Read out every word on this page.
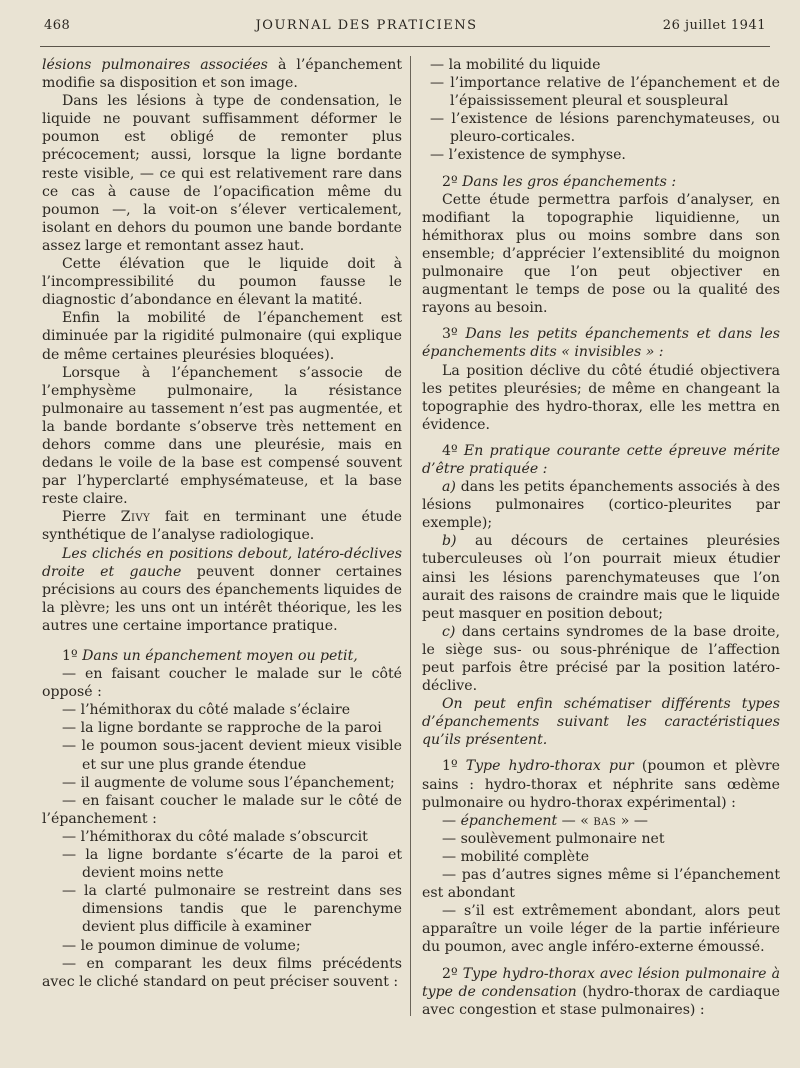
468	JOURNAL DES PRATICIENS	26 juillet 1941

lésions pulmonaires associées à l’épanchement modifie sa disposition et son image.

Dans les lésions à type de condensation, le liquide ne pouvant suffisamment déformer le poumon est obligé de remonter plus précocement; aussi, lorsque la ligne bordante reste visible, — ce qui est relativement rare dans ce cas à cause de l’opacification même du poumon —, la voit-on s’élever verticalement, isolant en dehors du poumon une bande bordante assez large et remontant assez haut.

Cette élévation que le liquide doit à l’incompressibilité du poumon fausse le diagnostic d’abondance en élevant la matité.

Enfin la mobilité de l’épanchement est diminuée par la rigidité pulmonaire (qui explique de même certaines pleurésies bloquées).

Lorsque à l’épanchement s’associe de l’emphysème pulmonaire, la résistance pulmonaire au tassement n’est pas augmentée, et la bande bordante s’observe très nettement en dehors comme dans une pleurésie, mais en dedans le voile de la base est compensé souvent par l’hyperclarté emphysémateuse, et la base reste claire.

Pierre Zivy fait en terminant une étude synthétique de l’analyse radiologique.

Les clichés en positions debout, latéro-déclives droite et gauche peuvent donner certaines précisions au cours des épanchements liquides de la plèvre; les uns ont un intérêt théorique, les les autres une certaine importance pratique.

1º Dans un épanchement moyen ou petit,

— en faisant coucher le malade sur le côté opposé :

— l’hémithorax du côté malade s’éclaire

— la ligne bordante se rapproche de la paroi

— le poumon sous-jacent devient mieux visible et sur une plus grande étendue

— il augmente de volume sous l’épanchement;

— en faisant coucher le malade sur le côté de l’épanchement :

— l’hémithorax du côté malade s’obscurcit

— la ligne bordante s’écarte de la paroi et devient moins nette

— la clarté pulmonaire se restreint dans ses dimensions tandis que le parenchyme devient plus difficile à examiner

— le poumon diminue de volume;

— en comparant les deux films précédents avec le cliché standard on peut préciser souvent :

— la mobilité du liquide

— l’importance relative de l’épanchement et de l’épaississement pleural et souspleural

— l’existence de lésions parenchymateuses, ou pleuro-corticales.

— l’existence de symphyse.

2º Dans les gros épanchements :

Cette étude permettra parfois d’analyser, en modifiant la topographie liquidienne, un hémithorax plus ou moins sombre dans son ensemble; d’apprécier l’extensiblité du moignon pulmonaire que l’on peut objectiver en augmentant le temps de pose ou la qualité des rayons au besoin.

3º Dans les petits épanchements et dans les épanchements dits « invisibles » :

La position déclive du côté étudié objectivera les petites pleurésies; de même en changeant la topographie des hydro-thorax, elle les mettra en évidence.

4º En pratique courante cette épreuve mérite d’être pratiquée :

a) dans les petits épanchements associés à des lésions pulmonaires (cortico-pleurites par exemple);

b) au décours de certaines pleurésies tuberculeuses où l’on pourrait mieux étudier ainsi les lésions parenchymateuses que l’on aurait des raisons de craindre mais que le liquide peut masquer en position debout;

c) dans certains syndromes de la base droite, le siège sus- ou sous-phrénique de l’affection peut parfois être précisé par la position latéro-déclive.

On peut enfin schématiser différents types d’épanchements suivant les caractéristiques qu’ils présentent.

1º Type hydro-thorax pur (poumon et plèvre sains : hydro-thorax et néphrite sans œdème pulmonaire ou hydro-thorax expérimental) :

— épanchement — « bas » —

— soulèvement pulmonaire net

— mobilité complète

— pas d’autres signes même si l’épanchement est abondant

— s’il est extrêmement abondant, alors peut apparaître un voile léger de la partie inférieure du poumon, avec angle inféro-externe émoussé.

2º Type hydro-thorax avec lésion pulmonaire à type de condensation (hydro-thorax de cardiaque avec congestion et stase pulmonaires) :
